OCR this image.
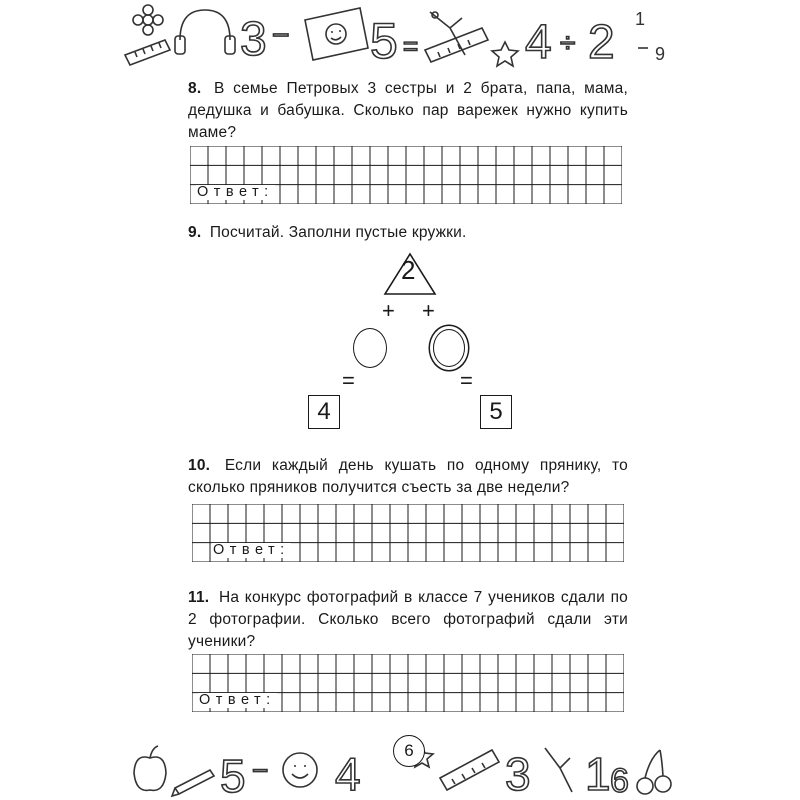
3 − 5 = 4 ÷ 2 1
9

8. В семье Петровых 3 сестры и 2 брата, папа, мама, дедушка и бабушка. Сколько пар варежек нужно купить маме?

Ответ:

9. Посчитай. Заполни пустые кружки.

2
+ +
=	=
4	5

10. Если каждый день кушать по одному прянику, то сколько пряников получится съесть за две недели?

Ответ:

11. На конкурс фотографий в классе 7 учеников сдали по 2 фотографии. Сколько всего фотографий сдали эти ученики?

Ответ:
5 − 4	3 1 6
6
